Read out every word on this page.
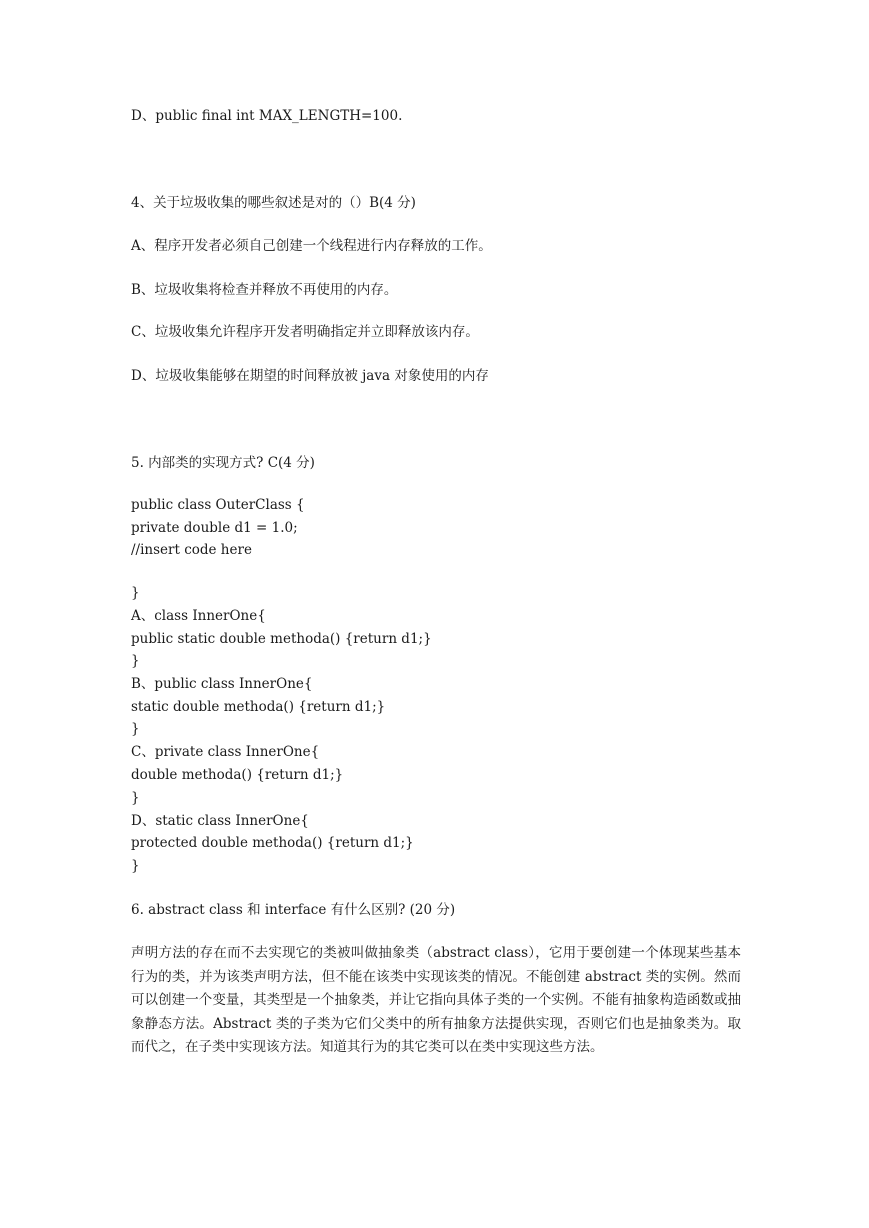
D、public final int MAX_LENGTH=100.
4、关于垃圾收集的哪些叙述是对的（）B(4 分)
A、程序开发者必须自己创建一个线程进行内存释放的工作。
B、垃圾收集将检查并释放不再使用的内存。
C、垃圾收集允许程序开发者明确指定并立即释放该内存。
D、垃圾收集能够在期望的时间释放被 java 对象使用的内存
5. 内部类的实现方式? C(4 分)
public class OuterClass {
private double d1 = 1.0;
//insert code here
}
A、class InnerOne{
public static double methoda() {return d1;}
}
B、public class InnerOne{
static double methoda() {return d1;}
}
C、private class InnerOne{
double methoda() {return d1;}
}
D、static class InnerOne{
protected double methoda() {return d1;}
}
6. abstract class 和 interface 有什么区别? (20 分)
声明方法的存在而不去实现它的类被叫做抽象类（abstract class），它用于要创建一个体现某些基本行为的类，并为该类声明方法，但不能在该类中实现该类的情况。不能创建 abstract 类的实例。然而可以创建一个变量，其类型是一个抽象类，并让它指向具体子类的一个实例。不能有抽象构造函数或抽象静态方法。Abstract 类的子类为它们父类中的所有抽象方法提供实现，否则它们也是抽象类为。取而代之，在子类中实现该方法。知道其行为的其它类可以在类中实现这些方法。
